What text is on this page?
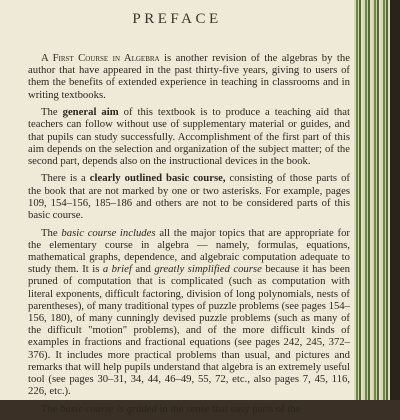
PREFACE

A First Course in Algebra is another revision of the algebras by the author that have appeared in the past thirty-five years, giving to users of them the benefits of extended experience in teaching in classrooms and in writing textbooks.

The general aim of this textbook is to produce a teaching aid that teachers can follow without use of supplementary material or guides, and that pupils can study successfully. Accomplishment of the first part of this aim depends on the selection and organization of the subject matter; of the second part, depends also on the instructional devices in the book.

There is a clearly outlined basic course, consisting of those parts of the book that are not marked by one or two asterisks. For example, pages 109, 154–156, 185–186 and others are not to be considered parts of this basic course.

The basic course includes all the major topics that are appropriate for the elementary course in algebra — namely, formulas, equations, mathematical graphs, dependence, and algebraic computation adequate to study them. It is a brief and greatly simplified course because it has been pruned of computation that is complicated (such as computation with literal exponents, difficult factoring, division of long polynomials, nests of parentheses), of many traditional types of puzzle problems (see pages 154–156, 180), of many cunningly devised puzzle problems (such as many of the difficult "motion" problems), and of the more difficult kinds of examples in fractions and fractional equations (see pages 242, 245, 372–376). It includes more practical problems than usual, and pictures and remarks that will help pupils understand that algebra is an extremely useful tool (see pages 30–31, 34, 44, 46–49, 55, 72, etc., also pages 7, 45, 116, 226, etc.).

The basic course is graded in the sense that easy parts of the
